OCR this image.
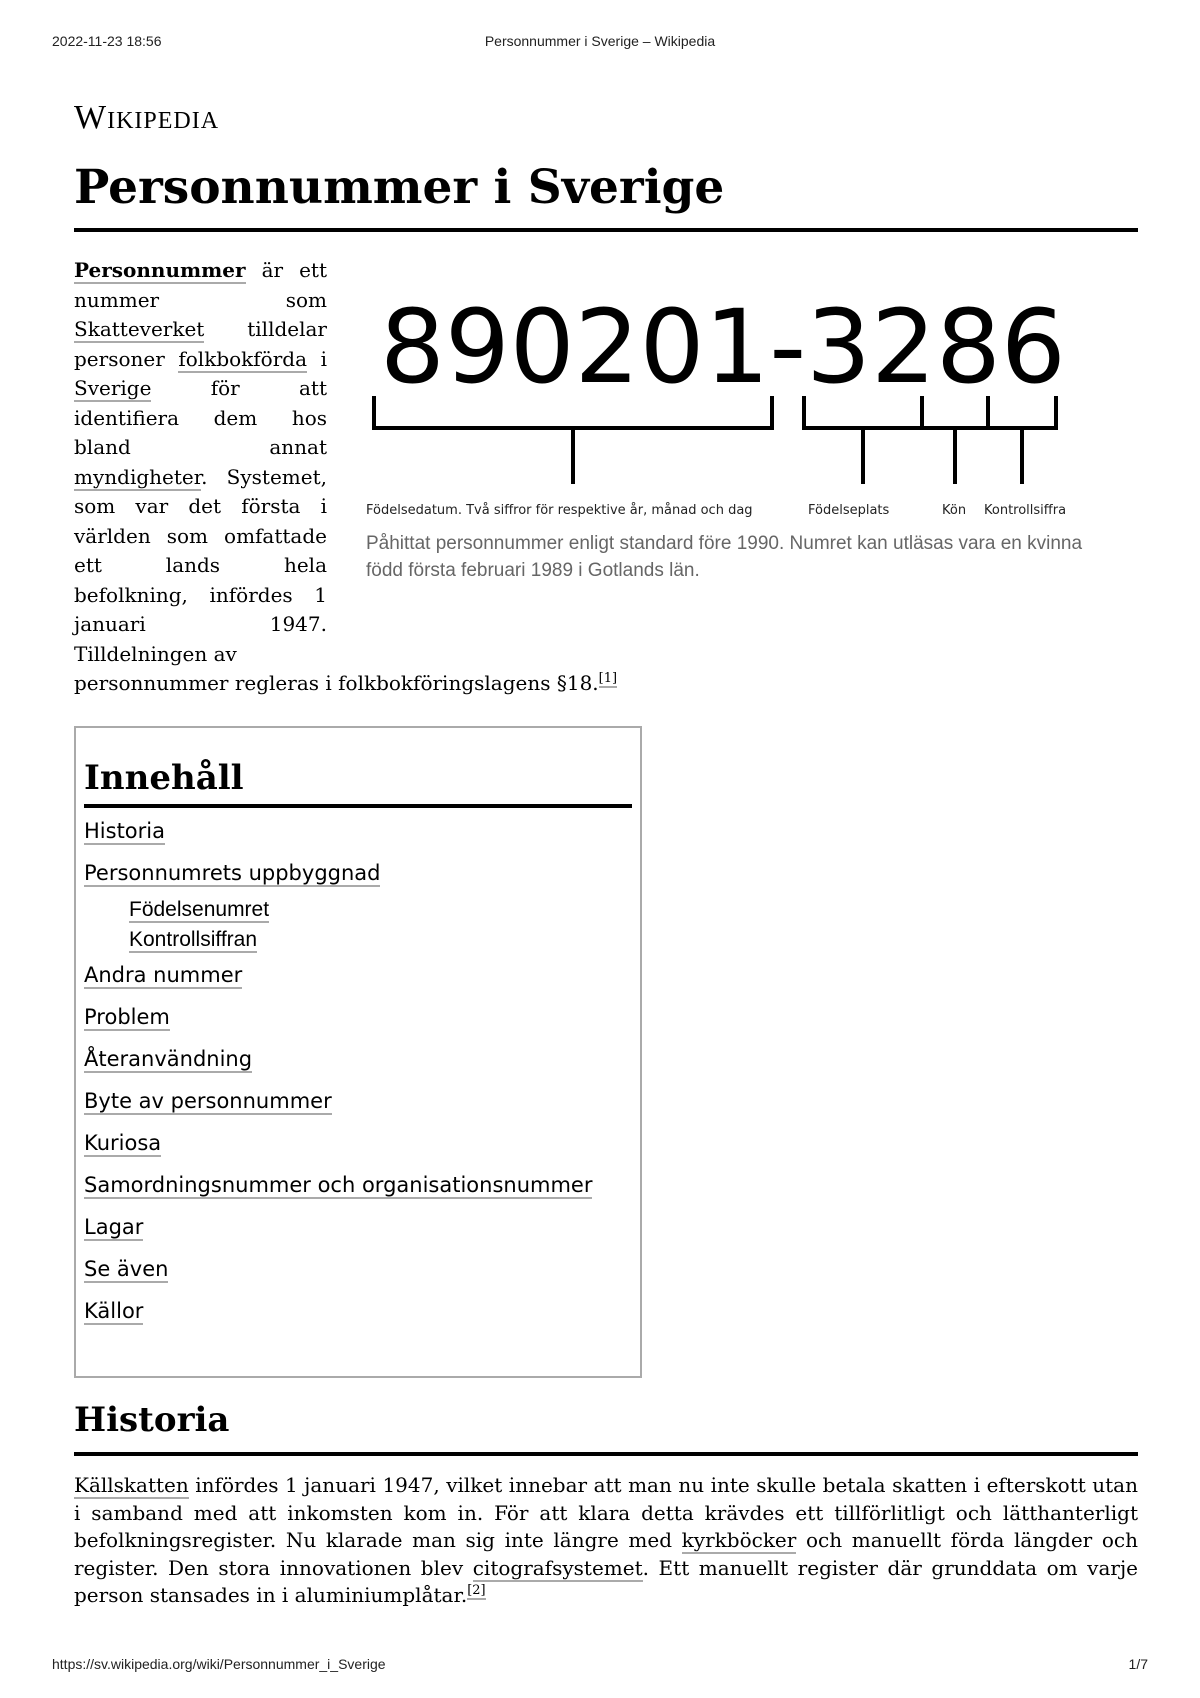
2022-11-23 18:56	Personnummer i Sverige – Wikipedia
Wikipedia
Personnummer i Sverige
Personnummer är ett nummer som Skatteverket tilldelar personer folkbokförda i Sverige för att identifiera dem hos bland annat myndigheter. Systemet, som var det första i världen som omfattade ett lands hela befolkning, infördes 1 januari 1947. Tilldelningen av
personnummer regleras i folkbokföringslagens §18.[1]
890201-3286
Födelsedatum. Två siffror för respektive år, månad och dag	Födelseplats	Kön Kontrollsiffra
Påhittat personnummer enligt standard före 1990. Numret kan utläsas vara en kvinna född första februari 1989 i Gotlands län.
Innehåll
Historia
Personnumrets uppbyggnad
Födelsenumret
Kontrollsiffran
Andra nummer
Problem
Återanvändning
Byte av personnummer
Kuriosa
Samordningsnummer och organisationsnummer
Lagar
Se även
Källor
Historia
Källskatten infördes 1 januari 1947, vilket innebar att man nu inte skulle betala skatten i efterskott utan i samband med att inkomsten kom in. För att klara detta krävdes ett tillförlitligt och lätthanterligt befolkningsregister. Nu klarade man sig inte längre med kyrkböcker och manuellt förda längder och register. Den stora innovationen blev citografsystemet. Ett manuellt register där grunddata om varje person stansades in i aluminiumplåtar.[2]
https://sv.wikipedia.org/wiki/Personnummer_i_Sverige	1/7
